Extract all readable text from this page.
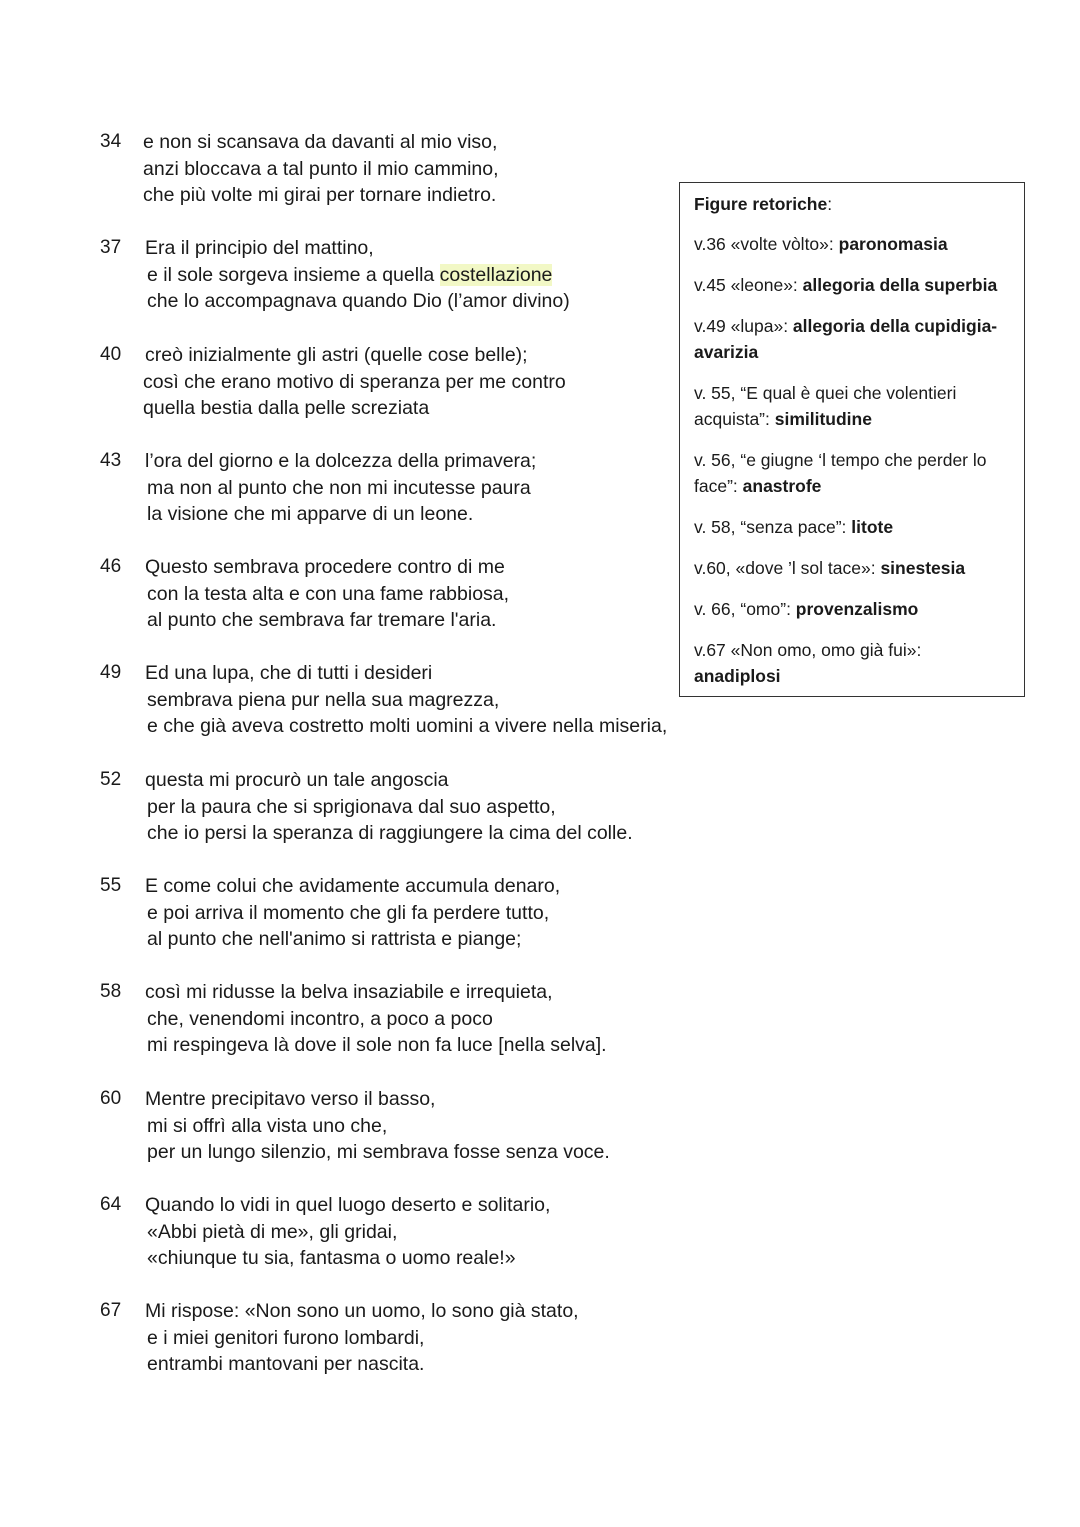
34	e non si scansava da davanti al mio viso,
anzi bloccava a tal punto il mio cammino,
che più volte mi girai per tornare indietro.
37	Era il principio del mattino,
e il sole sorgeva insieme a quella costellazione
che lo accompagnava quando Dio (l’amor divino)
40	creò inizialmente gli astri (quelle cose belle);
così che erano motivo di speranza per me contro
quella bestia dalla pelle screziata
43	l’ora del giorno e la dolcezza della primavera;
ma non al punto che non mi incutesse paura
la visione che mi apparve di un leone.
46	Questo sembrava procedere contro di me
con la testa alta e con una fame rabbiosa,
al punto che sembrava far tremare l'aria.
49	Ed una lupa, che di tutti i desideri
sembrava piena pur nella sua magrezza,
e che già aveva costretto molti uomini a vivere nella miseria,
52	questa mi procurò un tale angoscia
per la paura che si sprigionava dal suo aspetto,
che io persi la speranza di raggiungere la cima del colle.
55	E come colui che avidamente accumula denaro,
e poi arriva il momento che gli fa perdere tutto,
al punto che nell'animo si rattrista e piange;
58	così mi ridusse la belva insaziabile e irrequieta,
che, venendomi incontro, a poco a poco
mi respingeva là dove il sole non fa luce [nella selva].
60	Mentre precipitavo verso il basso,
mi si offrì alla vista uno che,
per un lungo silenzio, mi sembrava fosse senza voce.
64	Quando lo vidi in quel luogo deserto e solitario,
«Abbi pietà di me», gli gridai,
«chiunque tu sia, fantasma o uomo reale!»
67	Mi rispose: «Non sono un uomo, lo sono già stato,
e i miei genitori furono lombardi,
entrambi mantovani per nascita.
Figure retoriche:
v.36 «volte vòlto»: paronomasia
v.45 «leone»: allegoria della superbia
v.49 «lupa»: allegoria della cupidigia-avarizia
v. 55, “E qual è quei che volentieri acquista”: similitudine
v. 56, “e giugne ‘l tempo che perder lo face”: anastrofe
v. 58, “senza pace”: litote
v.60, «dove ’l sol tace»: sinestesia
v. 66, “omo”: provenzalismo
v.67 «Non omo, omo già fui»: anadiplosi
